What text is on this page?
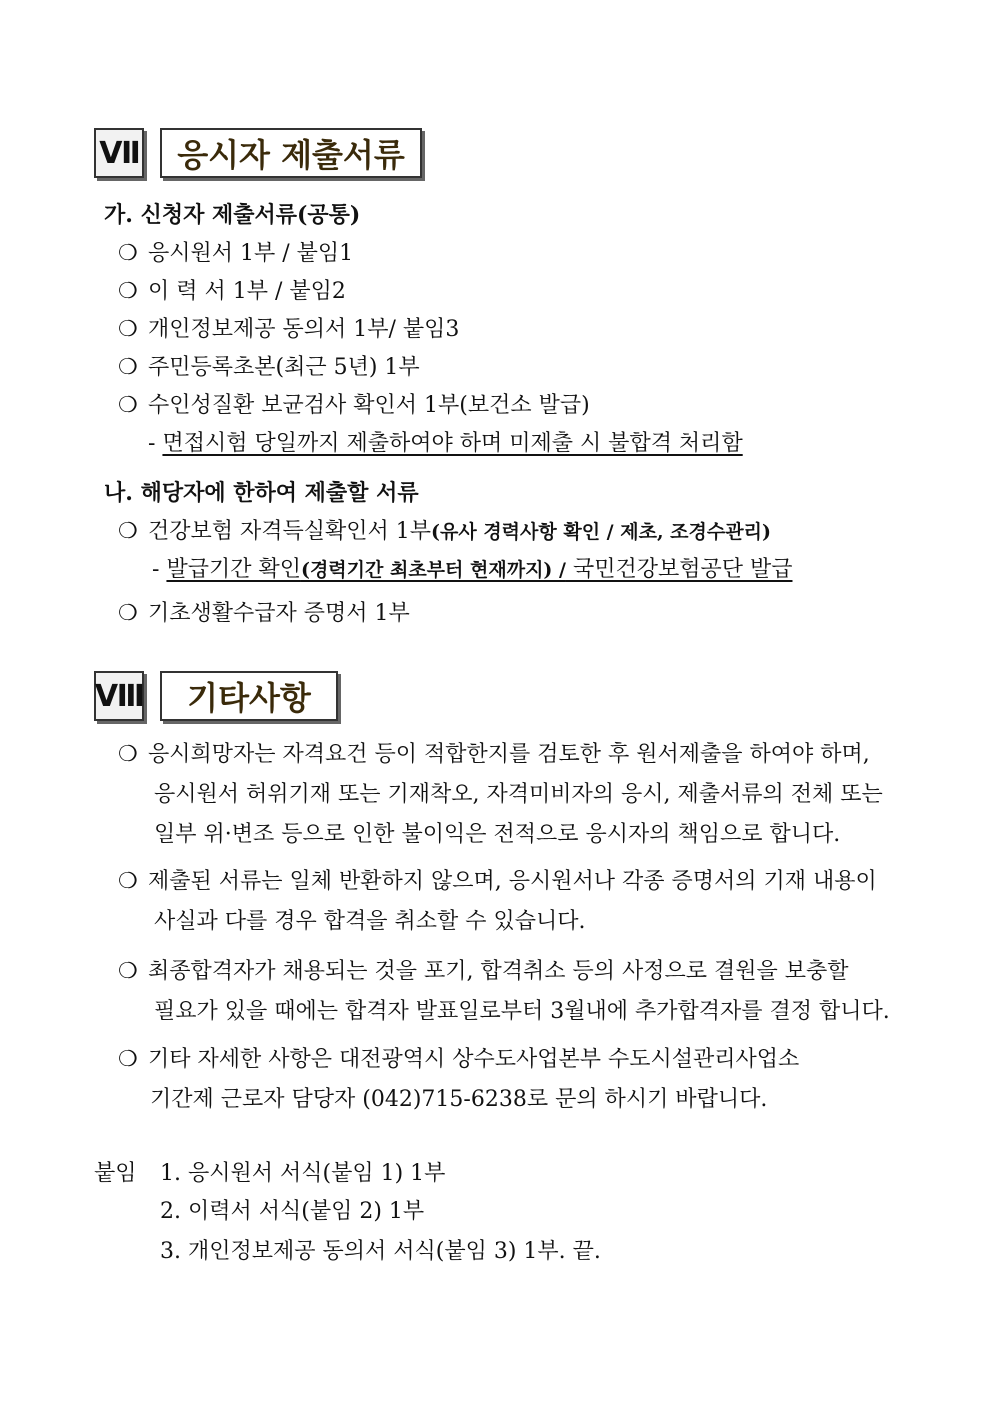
Ⅶ	응시자 제출서류
가. 신청자 제출서류(공통)
❍ 응시원서 1부 / 붙임1
❍ 이 력 서 1부 / 붙임2
❍ 개인정보제공 동의서 1부/ 붙임3
❍ 주민등록초본(최근 5년) 1부
❍ 수인성질환 보균검사 확인서 1부(보건소 발급)
- 면접시험 당일까지 제출하여야 하며 미제출 시 불합격 처리함
나. 해당자에 한하여 제출할 서류
❍ 건강보험 자격득실확인서 1부(유사 경력사항 확인 / 제초, 조경수관리)
- 발급기간 확인(경력기간 최초부터 현재까지) / 국민건강보험공단 발급
❍ 기초생활수급자 증명서 1부
Ⅷ	기타사항
❍ 응시희망자는 자격요건 등이 적합한지를 검토한 후 원서제출을 하여야 하며,
응시원서 허위기재 또는 기재착오, 자격미비자의 응시, 제출서류의 전체 또는
일부 위·변조 등으로 인한 불이익은 전적으로 응시자의 책임으로 합니다.
❍ 제출된 서류는 일체 반환하지 않으며, 응시원서나 각종 증명서의 기재 내용이
사실과 다를 경우 합격을 취소할 수 있습니다.
❍ 최종합격자가 채용되는 것을 포기, 합격취소 등의 사정으로 결원을 보충할
필요가 있을 때에는 합격자 발표일로부터 3월내에 추가합격자를 결정 합니다.
❍ 기타 자세한 사항은 대전광역시 상수도사업본부 수도시설관리사업소
기간제 근로자 담당자 (042)715-6238로 문의 하시기 바랍니다.
붙임 1. 응시원서 서식(붙임 1) 1부
2. 이력서 서식(붙임 2) 1부
3. 개인정보제공 동의서 서식(붙임 3) 1부. 끝.
